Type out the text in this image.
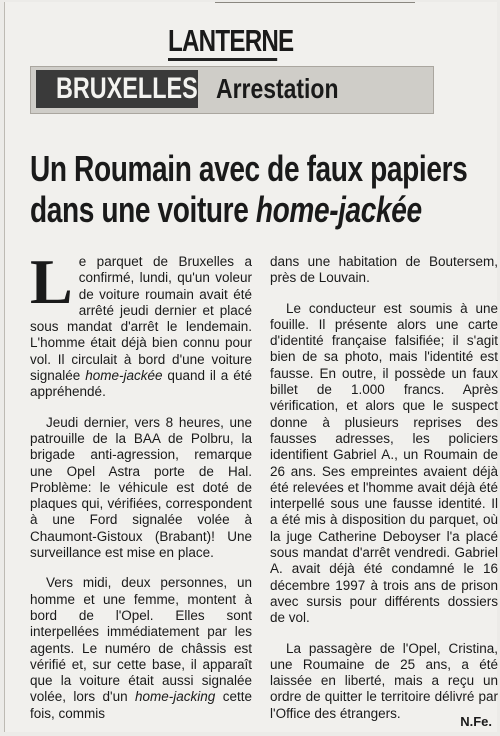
LANTERNE
BRUXELLES Arrestation
Un Roumain avec de faux papiers
dans une voiture home-jackée

Le parquet de Bruxelles a confirmé, lundi, qu'un voleur de voiture roumain avait été arrêté jeudi dernier et placé sous mandat d'arrêt le lendemain. L'homme était déjà bien connu pour vol. Il circulait à bord d'une voiture signalée home-jackée quand il a été appréhendé.

Jeudi dernier, vers 8 heures, une patrouille de la BAA de Polbru, la brigade anti-agression, remarque une Opel Astra porte de Hal. Problème: le véhicule est doté de plaques qui, vérifiées, correspondent à une Ford signalée volée à Chaumont-Gistoux (Brabant)! Une surveillance est mise en place.

Vers midi, deux personnes, un homme et une femme, montent à bord de l'Opel. Elles sont interpellées immédiatement par les agents. Le numéro de châssis est vérifié et, sur cette base, il apparaît que la voiture était aussi signalée volée, lors d'un home-jacking cette fois, commis

dans une habitation de Boutersem, près de Louvain.

Le conducteur est soumis à une fouille. Il présente alors une carte d'identité française falsifiée; il s'agit bien de sa photo, mais l'identité est fausse. En outre, il possède un faux billet de 1.000 francs. Après vérification, et alors que le suspect donne à plusieurs reprises des fausses adresses, les policiers identifient Gabriel A., un Roumain de 26 ans. Ses empreintes avaient déjà été relevées et l'homme avait déjà été interpellé sous une fausse identité. Il a été mis à disposition du parquet, où la juge Catherine Deboyser l'a placé sous mandat d'arrêt vendredi. Gabriel A. avait déjà été condamné le 16 décembre 1997 à trois ans de prison avec sursis pour différents dossiers de vol.

La passagère de l'Opel, Cristina, une Roumaine de 25 ans, a été laissée en liberté, mais a reçu un ordre de quitter le territoire délivré par l'Office des étrangers.

N.Fe.
